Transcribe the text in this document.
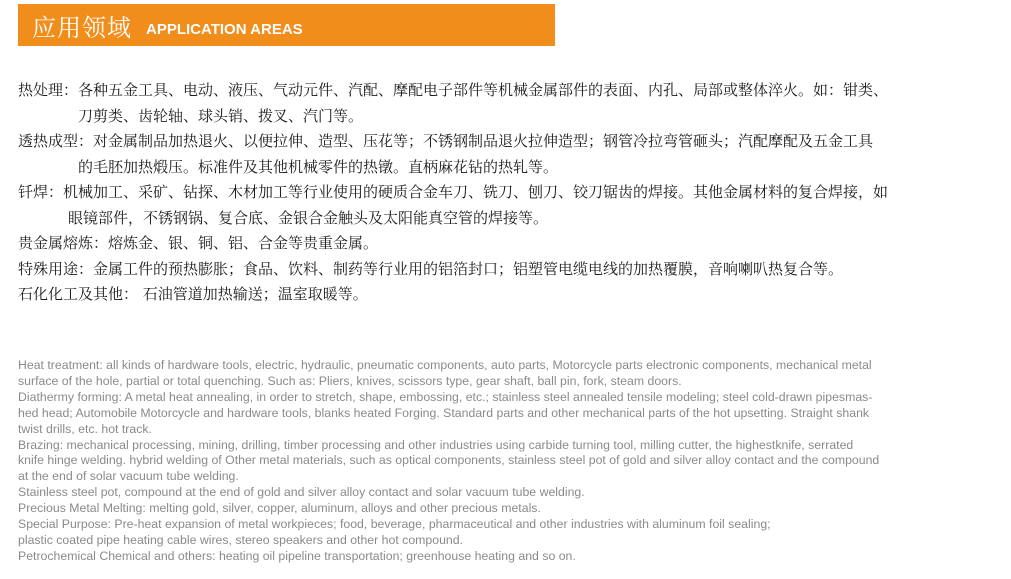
应用领域 APPLICATION AREAS
热处理：各种五金工具、电动、液压、气动元件、汽配、摩配电子部件等机械金属部件的表面、内孔、局部或整体淬火。如：钳类、
刀剪类、齿轮轴、球头销、拨叉、汽门等。
透热成型：对金属制品加热退火、以便拉伸、造型、压花等；不锈钢制品退火拉伸造型；钢管冷拉弯管砸头；汽配摩配及五金工具
的毛胚加热煅压。标准件及其他机械零件的热镦。直柄麻花钻的热轧等。
钎焊：机械加工、采矿、钻探、木材加工等行业使用的硬质合金车刀、铣刀、刨刀、铰刀锯齿的焊接。其他金属材料的复合焊接，如
眼镜部件，不锈钢锅、复合底、金银合金触头及太阳能真空管的焊接等。
贵金属熔炼：熔炼金、银、铜、铝、合金等贵重金属。
特殊用途：金属工件的预热膨胀；食品、饮料、制药等行业用的铝箔封口；铝塑管电缆电线的加热覆膜，音响喇叭热复合等。
石化化工及其他： 石油管道加热输送；温室取暖等。
Heat treatment: all kinds of hardware tools, electric, hydraulic, pneumatic components, auto parts, Motorcycle parts electronic components, mechanical metal
surface of the hole, partial or total quenching. Such as: Pliers, knives, scissors type, gear shaft, ball pin, fork, steam doors.
Diathermy forming: A metal heat annealing, in order to stretch, shape, embossing, etc.; stainless steel annealed tensile modeling; steel cold-drawn pipesmas-
hed head; Automobile Motorcycle and hardware tools, blanks heated Forging. Standard parts and other mechanical parts of the hot upsetting. Straight shank
twist drills, etc. hot track.
Brazing: mechanical processing, mining, drilling, timber processing and other industries using carbide turning tool, milling cutter, the highestknife, serrated
knife hinge welding. hybrid welding of Other metal materials, such as optical components, stainless steel pot of gold and silver alloy contact and the compound
at the end of solar vacuum tube welding.
Stainless steel pot, compound at the end of gold and silver alloy contact and solar vacuum tube welding.
Precious Metal Melting: melting gold, silver, copper, aluminum, alloys and other precious metals.
Special Purpose: Pre-heat expansion of metal workpieces; food, beverage, pharmaceutical and other industries with aluminum foil sealing;
plastic coated pipe heating cable wires, stereo speakers and other hot compound.
Petrochemical Chemical and others: heating oil pipeline transportation; greenhouse heating and so on.
